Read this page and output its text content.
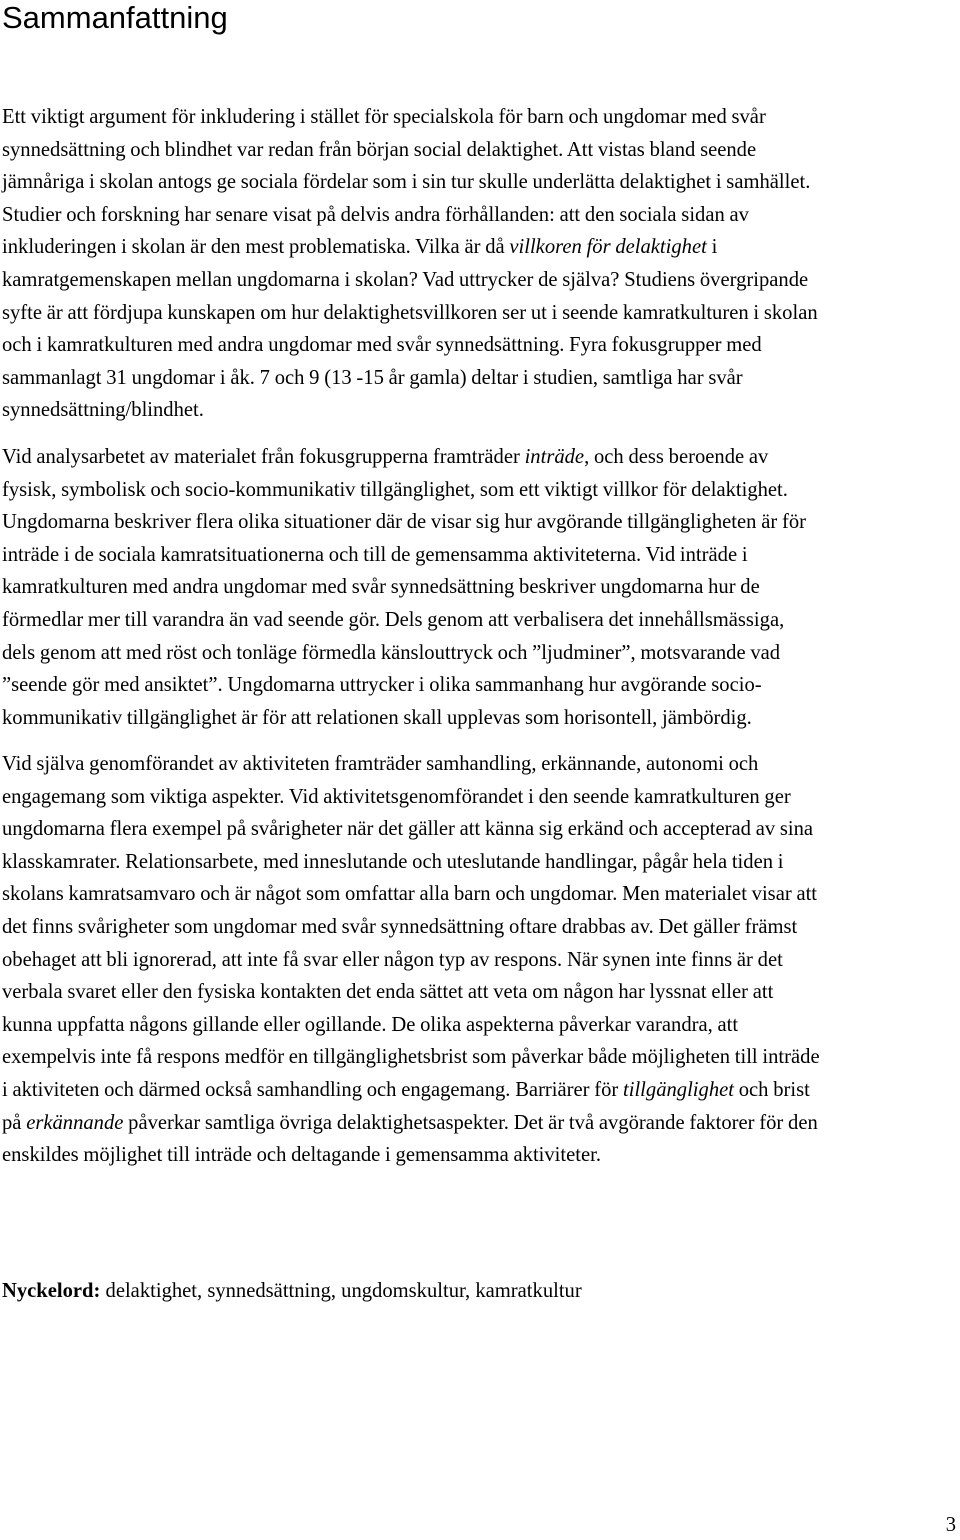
Sammanfattning

Ett viktigt argument för inkludering i stället för specialskola för barn och ungdomar med svår
synnedsättning och blindhet var redan från början social delaktighet. Att vistas bland seende
jämnåriga i skolan antogs ge sociala fördelar som i sin tur skulle underlätta delaktighet i samhället.
Studier och forskning har senare visat på delvis andra förhållanden: att den sociala sidan av
inkluderingen i skolan är den mest problematiska. Vilka är då villkoren för delaktighet i
kamratgemenskapen mellan ungdomarna i skolan? Vad uttrycker de själva? Studiens övergripande
syfte är att fördjupa kunskapen om hur delaktighetsvillkoren ser ut i seende kamratkulturen i skolan
och i kamratkulturen med andra ungdomar med svår synnedsättning. Fyra fokusgrupper med
sammanlagt 31 ungdomar i åk. 7 och 9 (13 -15 år gamla) deltar i studien, samtliga har svår
synnedsättning/blindhet.

Vid analysarbetet av materialet från fokusgrupperna framträder inträde, och dess beroende av
fysisk, symbolisk och socio-kommunikativ tillgänglighet, som ett viktigt villkor för delaktighet.
Ungdomarna beskriver flera olika situationer där de visar sig hur avgörande tillgängligheten är för
inträde i de sociala kamratsituationerna och till de gemensamma aktiviteterna. Vid inträde i
kamratkulturen med andra ungdomar med svår synnedsättning beskriver ungdomarna hur de
förmedlar mer till varandra än vad seende gör. Dels genom att verbalisera det innehållsmässiga,
dels genom att med röst och tonläge förmedla känslouttryck och ”ljudminer”, motsvarande vad
”seende gör med ansiktet”. Ungdomarna uttrycker i olika sammanhang hur avgörande socio-
kommunikativ tillgänglighet är för att relationen skall upplevas som horisontell, jämbördig.

Vid själva genomförandet av aktiviteten framträder samhandling, erkännande, autonomi och
engagemang som viktiga aspekter. Vid aktivitetsgenomförandet i den seende kamratkulturen ger
ungdomarna flera exempel på svårigheter när det gäller att känna sig erkänd och accepterad av sina
klasskamrater. Relationsarbete, med inneslutande och uteslutande handlingar, pågår hela tiden i
skolans kamratsamvaro och är något som omfattar alla barn och ungdomar. Men materialet visar att
det finns svårigheter som ungdomar med svår synnedsättning oftare drabbas av. Det gäller främst
obehaget att bli ignorerad, att inte få svar eller någon typ av respons. När synen inte finns är det
verbala svaret eller den fysiska kontakten det enda sättet att veta om någon har lyssnat eller att
kunna uppfatta någons gillande eller ogillande. De olika aspekterna påverkar varandra, att
exempelvis inte få respons medför en tillgänglighetsbrist som påverkar både möjligheten till inträde
i aktiviteten och därmed också samhandling och engagemang. Barriärer för tillgänglighet och brist
på erkännande påverkar samtliga övriga delaktighetsaspekter. Det är två avgörande faktorer för den
enskildes möjlighet till inträde och deltagande i gemensamma aktiviteter.

Nyckelord: delaktighet, synnedsättning, ungdomskultur, kamratkultur

3
